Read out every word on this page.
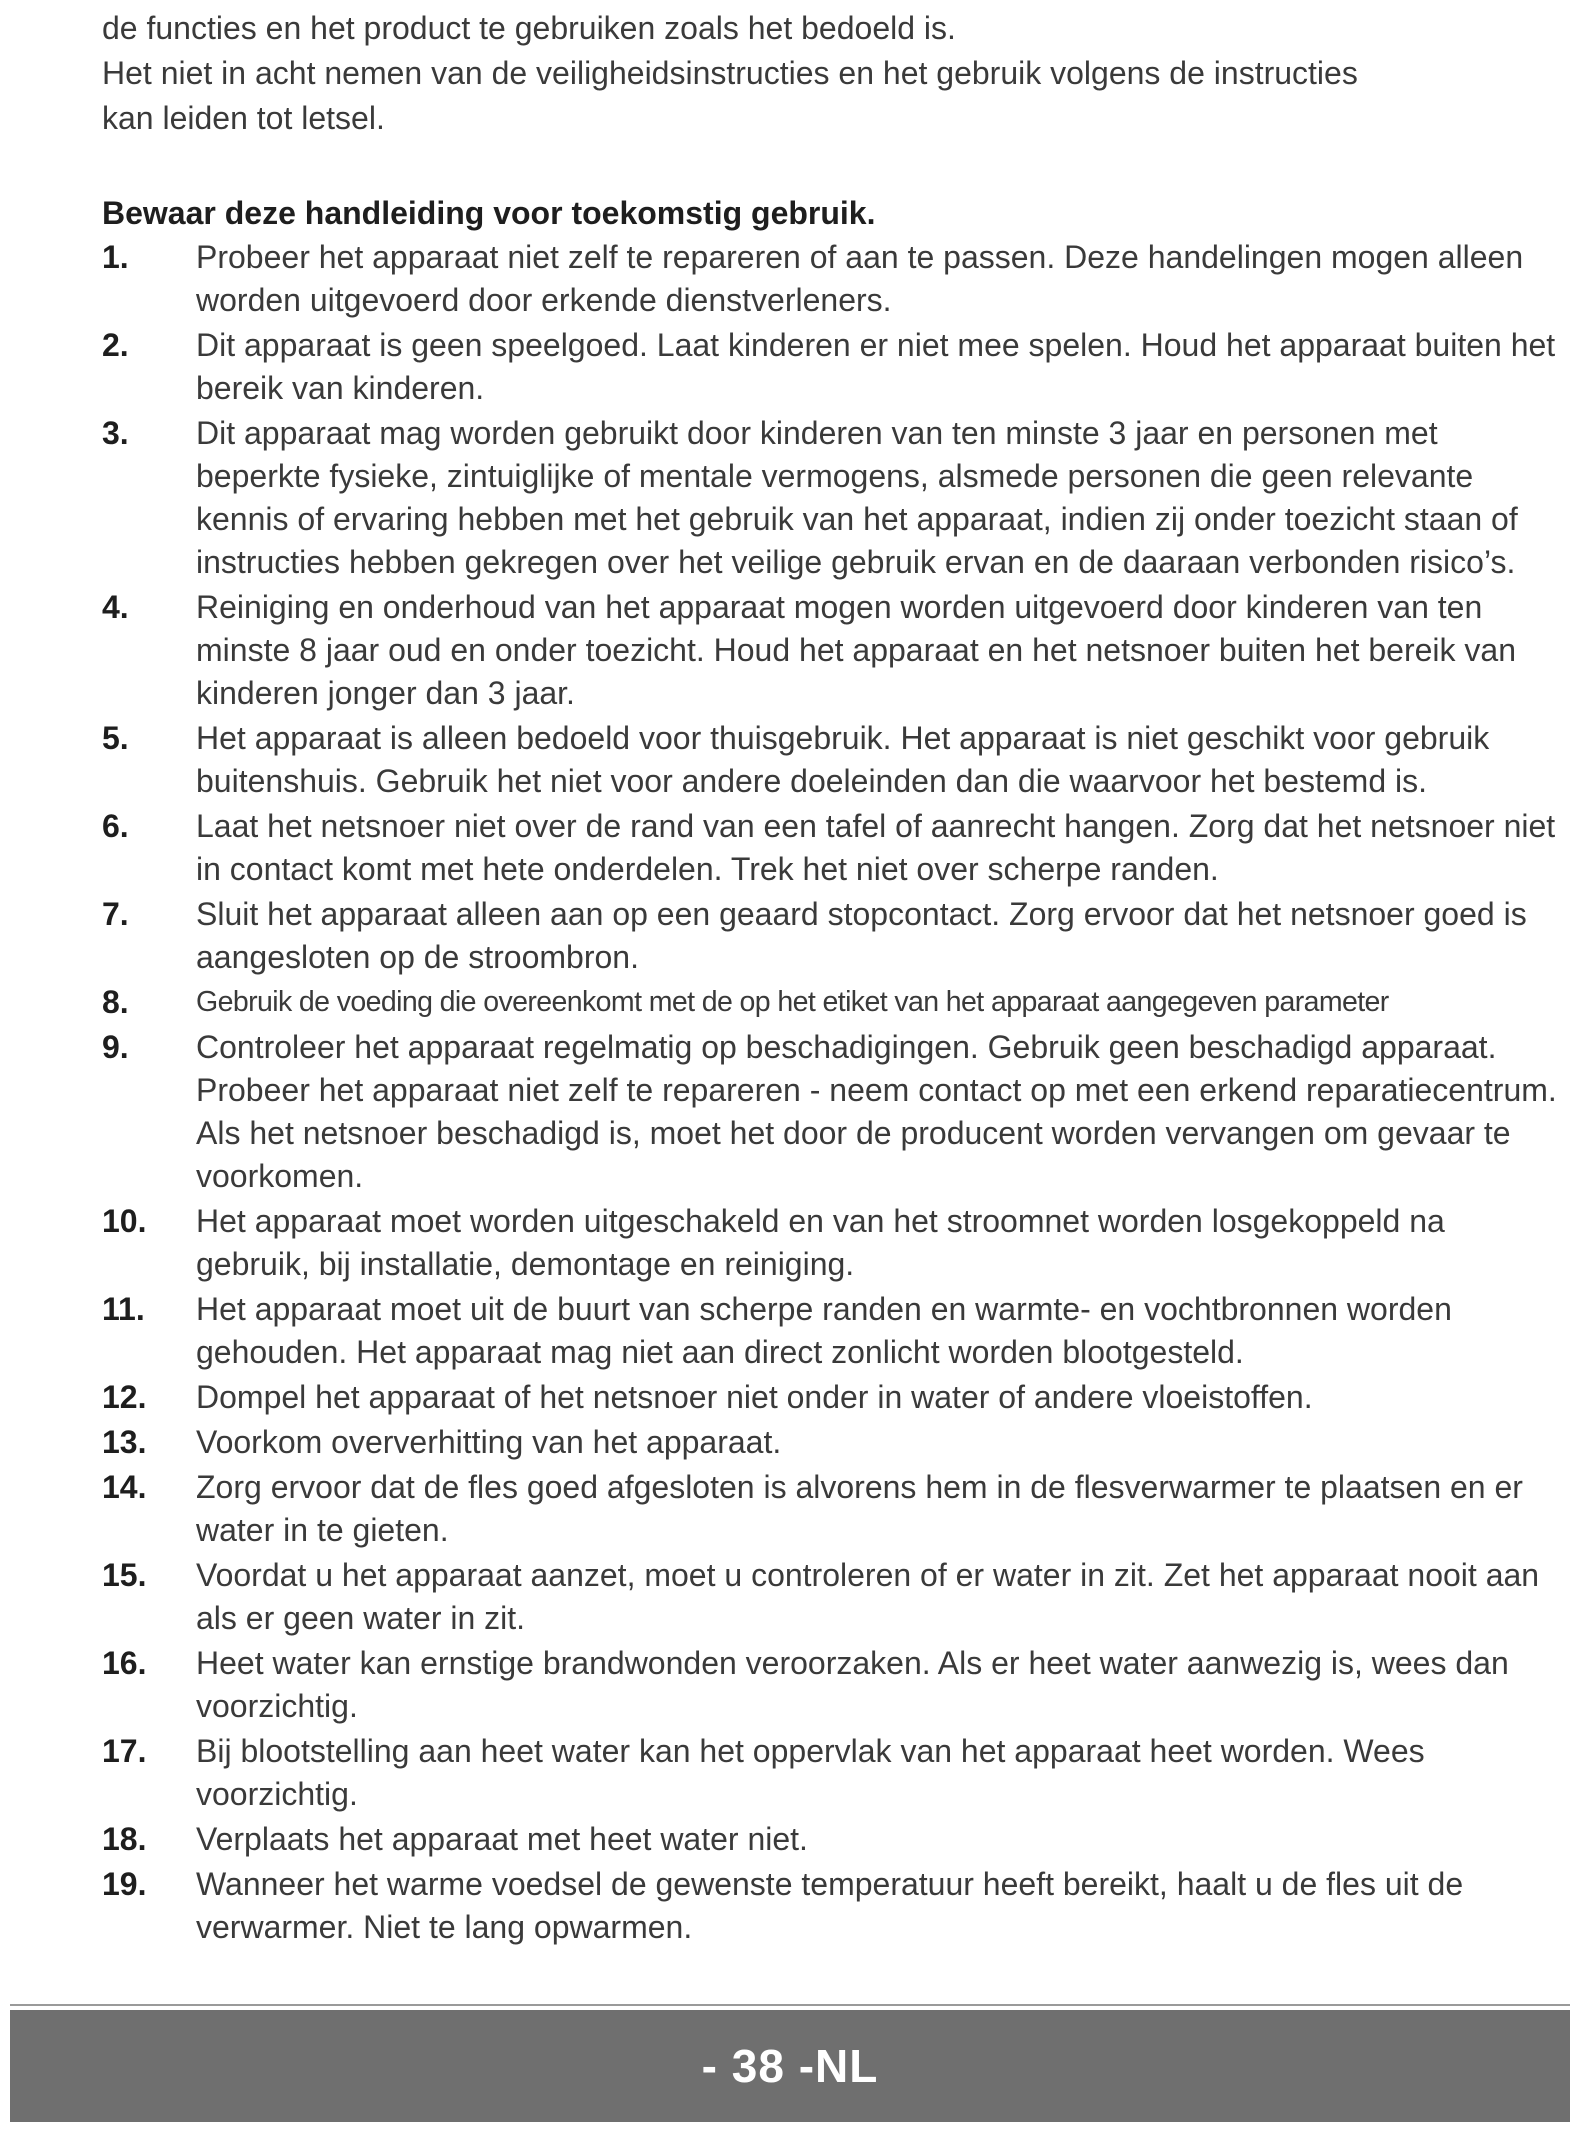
de functies en het product te gebruiken zoals het bedoeld is.

Het niet in acht nemen van de veiligheidsinstructies en het gebruik volgens de instructies

kan leiden tot letsel.

Bewaar deze handleiding voor toekomstig gebruik.
1. Probeer het apparaat niet zelf te repareren of aan te passen. Deze handelingen mogen alleen worden uitgevoerd door erkende dienstverleners.
2. Dit apparaat is geen speelgoed. Laat kinderen er niet mee spelen. Houd het apparaat buiten het bereik van kinderen.
3. Dit apparaat mag worden gebruikt door kinderen van ten minste 3 jaar en personen met beperkte fysieke, zintuiglijke of mentale vermogens, alsmede personen die geen relevante kennis of ervaring hebben met het gebruik van het apparaat, indien zij onder toezicht staan of instructies hebben gekregen over het veilige gebruik ervan en de daaraan verbonden risico’s.
4. Reiniging en onderhoud van het apparaat mogen worden uitgevoerd door kinderen van ten minste 8 jaar oud en onder toezicht. Houd het apparaat en het netsnoer buiten het bereik van kinderen jonger dan 3 jaar.
5. Het apparaat is alleen bedoeld voor thuisgebruik. Het apparaat is niet geschikt voor gebruik buitenshuis. Gebruik het niet voor andere doeleinden dan die waarvoor het bestemd is.
6. Laat het netsnoer niet over de rand van een tafel of aanrecht hangen. Zorg dat het netsnoer niet in contact komt met hete onderdelen. Trek het niet over scherpe randen.
7. Sluit het apparaat alleen aan op een geaard stopcontact. Zorg ervoor dat het netsnoer goed is aangesloten op de stroombron.
8. Gebruik de voeding die overeenkomt met de op het etiket van het apparaat aangegeven parameter
9. Controleer het apparaat regelmatig op beschadigingen. Gebruik geen beschadigd apparaat. Probeer het apparaat niet zelf te repareren - neem contact op met een erkend reparatiecentrum. Als het netsnoer beschadigd is, moet het door de producent worden vervangen om gevaar te voorkomen.
10. Het apparaat moet worden uitgeschakeld en van het stroomnet worden losgekoppeld na gebruik, bij installatie, demontage en reiniging.
11. Het apparaat moet uit de buurt van scherpe randen en warmte- en vochtbronnen worden gehouden. Het apparaat mag niet aan direct zonlicht worden blootgesteld.
12. Dompel het apparaat of het netsnoer niet onder in water of andere vloeistoffen.
13. Voorkom oververhitting van het apparaat.
14. Zorg ervoor dat de fles goed afgesloten is alvorens hem in de flesverwarmer te plaatsen en er water in te gieten.
15. Voordat u het apparaat aanzet, moet u controleren of er water in zit. Zet het apparaat nooit aan als er geen water in zit.
16. Heet water kan ernstige brandwonden veroorzaken. Als er heet water aanwezig is, wees dan voorzichtig.
17. Bij blootstelling aan heet water kan het oppervlak van het apparaat heet worden. Wees voorzichtig.
18. Verplaats het apparaat met heet water niet.
19. Wanneer het warme voedsel de gewenste temperatuur heeft bereikt, haalt u de fles uit de verwarmer. Niet te lang opwarmen.
- 38 -NL
